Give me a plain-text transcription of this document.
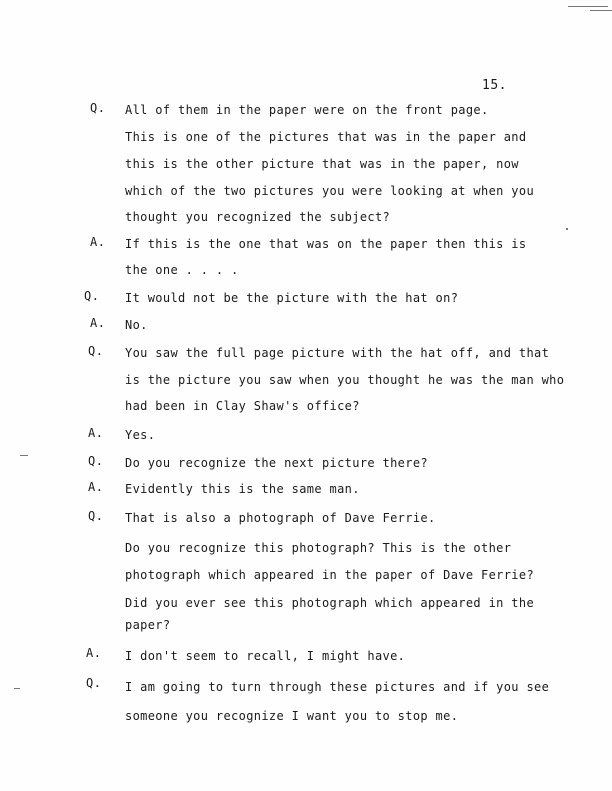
15.
Q. All of them in the paper were on the front page.
This is one of the pictures that was in the paper and
this is the other picture that was in the paper, now
which of the two pictures you were looking at when you
thought you recognized the subject?
A. If this is the one that was on the paper then this is
the one . . . .
Q. It would not be the picture with the hat on?
A. No.
Q. You saw the full page picture with the hat off, and that
is the picture you saw when you thought he was the man who
had been in Clay Shaw's office?
A. Yes.
Q. Do you recognize the next picture there?
A. Evidently this is the same man.
Q. That is also a photograph of Dave Ferrie.
Do you recognize this photograph? This is the other
photograph which appeared in the paper of Dave Ferrie?
Did you ever see this photograph which appeared in the
paper?
A. I don't seem to recall, I might have.
Q. I am going to turn through these pictures and if you see
someone you recognize I want you to stop me.
